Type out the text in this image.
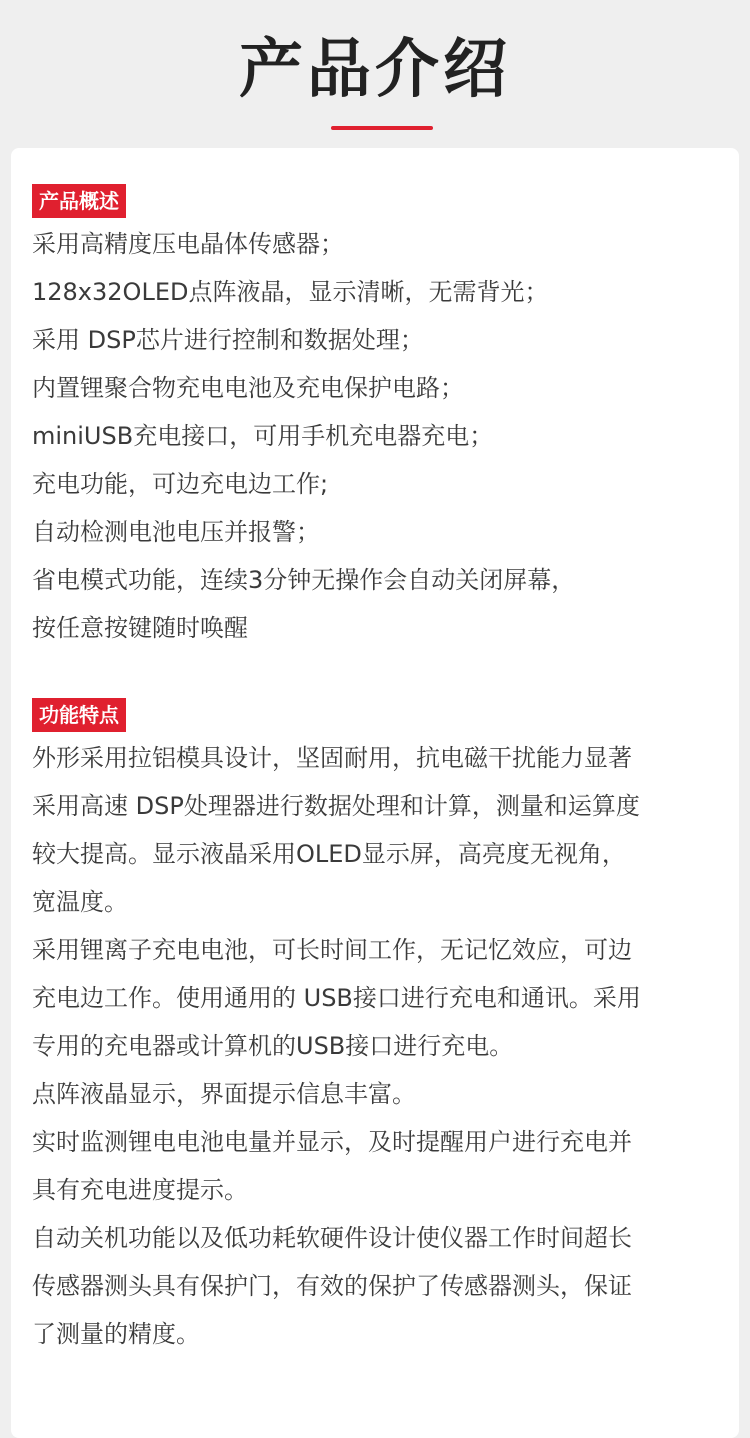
产品介绍
产品概述
采用高精度压电晶体传感器；
128x32OLED点阵液晶，显示清晰，无需背光；
采用 DSP芯片进行控制和数据处理；
内置锂聚合物充电电池及充电保护电路；
miniUSB充电接口，可用手机充电器充电；
充电功能，可边充电边工作;
自动检测电池电压并报警；
省电模式功能，连续3分钟无操作会自动关闭屏幕，
按任意按键随时唤醒
功能特点
外形采用拉铝模具设计，坚固耐用，抗电磁干扰能力显著
采用高速 DSP处理器进行数据处理和计算，测量和运算度
较大提高。显示液晶采用OLED显示屏，高亮度无视角，
宽温度。
采用锂离子充电电池，可长时间工作，无记忆效应，可边
充电边工作。使用通用的 USB接口进行充电和通讯。采用
专用的充电器或计算机的USB接口进行充电。
点阵液晶显示，界面提示信息丰富。
实时监测锂电电池电量并显示，及时提醒用户进行充电并
具有充电进度提示。
自动关机功能以及低功耗软硬件设计使仪器工作时间超长
传感器测头具有保护门，有效的保护了传感器测头，保证
了测量的精度。
